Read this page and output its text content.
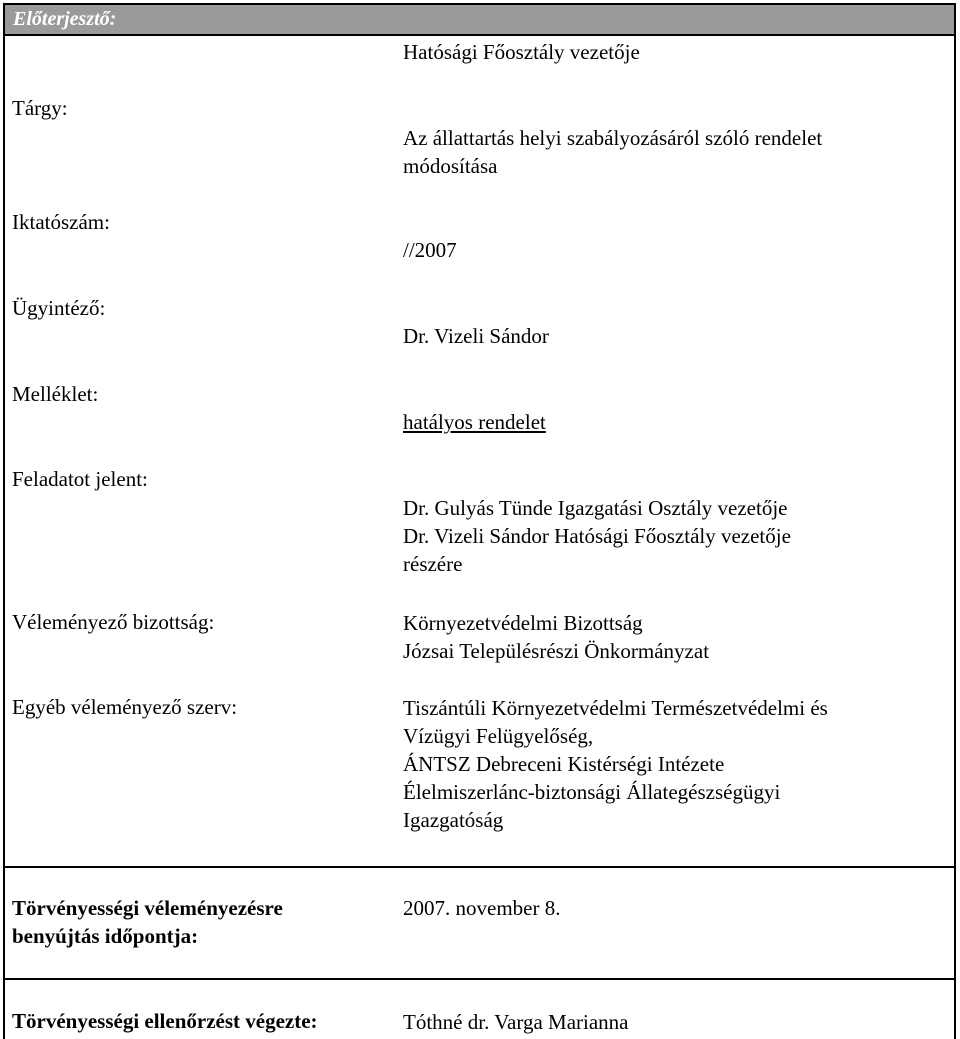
Előterjesztő:
Hatósági Főosztály vezetője
Tárgy:
Az állattartás helyi szabályozásáról szóló rendelet
módosítása
Iktatószám:
//2007
Ügyintéző:
Dr. Vizeli Sándor
Melléklet:
hatályos rendelet
Feladatot jelent:
Dr. Gulyás Tünde Igazgatási Osztály vezetője
Dr. Vizeli Sándor Hatósági Főosztály vezetője
részére
Véleményező bizottság:	Környezetvédelmi Bizottság
Józsai Településrészi Önkormányzat
Egyéb véleményező szerv:	Tiszántúli Környezetvédelmi Természetvédelmi és
Vízügyi Felügyelőség,
ÁNTSZ Debreceni Kistérségi Intézete
Élelmiszerlánc-biztonsági Állategészségügyi
Igazgatóság
Törvényességi véleményezésre
benyújtás időpontja:
2007. november 8.
Törvényességi ellenőrzést végezte:	Tóthné dr. Varga Marianna
